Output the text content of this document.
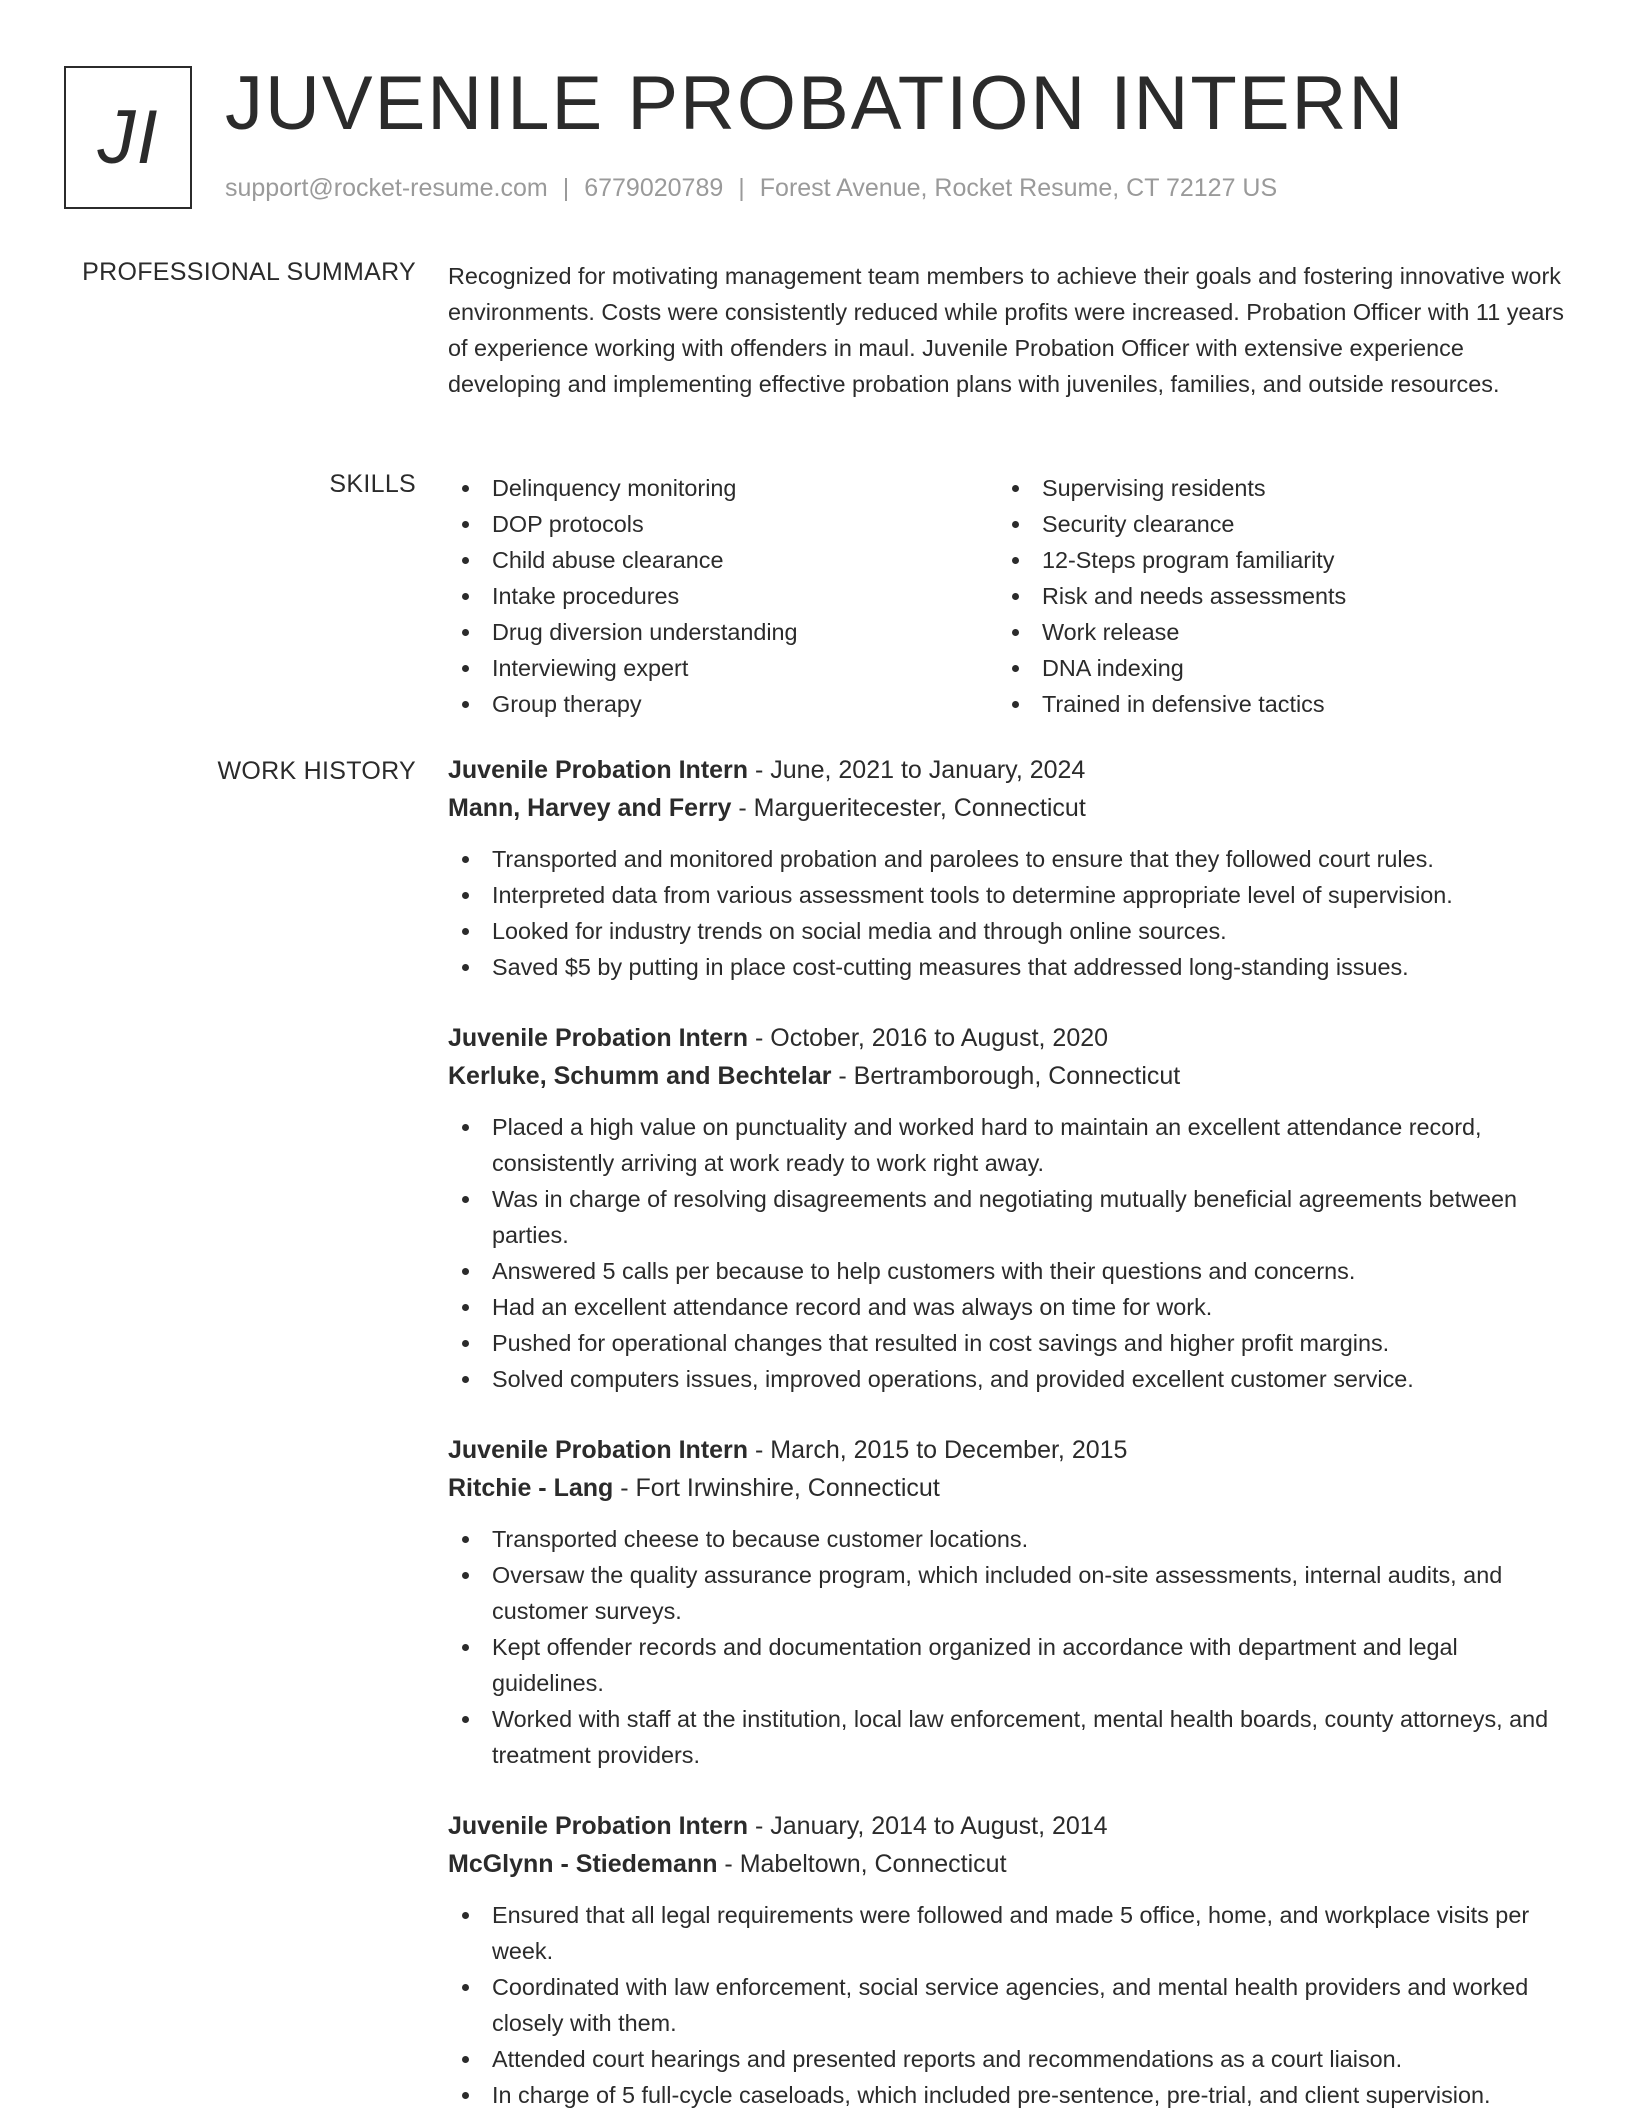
JI JUVENILE PROBATION INTERN
support@rocket-resume.com | 6779020789 | Forest Avenue, Rocket Resume, CT 72127 US
PROFESSIONAL SUMMARY Recognized for motivating management team members to achieve their goals and fostering innovative work environments. Costs were consistently reduced while profits were increased. Probation Officer with 11 years of experience working with offenders in maul. Juvenile Probation Officer with extensive experience developing and implementing effective probation plans with juveniles, families, and outside resources.

SKILLS	Delinquency monitoring
DOP protocols
Child abuse clearance
Intake procedures
Drug diversion understanding
Interviewing expert
Group therapy
Supervising residents
Security clearance
12-Steps program familiarity
Risk and needs assessments
Work release
DNA indexing
Trained in defensive tactics
WORK HISTORY Juvenile Probation Intern - June, 2021 to January, 2024
Mann, Harvey and Ferry - Margueritecester, Connecticut
Transported and monitored probation and parolees to ensure that they followed court rules.
Interpreted data from various assessment tools to determine appropriate level of supervision.
Looked for industry trends on social media and through online sources.
Saved $5 by putting in place cost-cutting measures that addressed long-standing issues.
Juvenile Probation Intern - October, 2016 to August, 2020
Kerluke, Schumm and Bechtelar - Bertramborough, Connecticut
Placed a high value on punctuality and worked hard to maintain an excellent attendance record, consistently arriving at work ready to work right away.
Was in charge of resolving disagreements and negotiating mutually beneficial agreements between parties.
Answered 5 calls per because to help customers with their questions and concerns.
Had an excellent attendance record and was always on time for work.
Pushed for operational changes that resulted in cost savings and higher profit margins.
Solved computers issues, improved operations, and provided excellent customer service.
Juvenile Probation Intern - March, 2015 to December, 2015
Ritchie - Lang - Fort Irwinshire, Connecticut
Transported cheese to because customer locations.
Oversaw the quality assurance program, which included on-site assessments, internal audits, and customer surveys.
Kept offender records and documentation organized in accordance with department and legal guidelines.
Worked with staff at the institution, local law enforcement, mental health boards, county attorneys, and treatment providers.
Juvenile Probation Intern - January, 2014 to August, 2014
McGlynn - Stiedemann - Mabeltown, Connecticut
Ensured that all legal requirements were followed and made 5 office, home, and workplace visits per week.
Coordinated with law enforcement, social service agencies, and mental health providers and worked closely with them.
Attended court hearings and presented reports and recommendations as a court liaison.
In charge of 5 full-cycle caseloads, which included pre-sentence, pre-trial, and client supervision.
